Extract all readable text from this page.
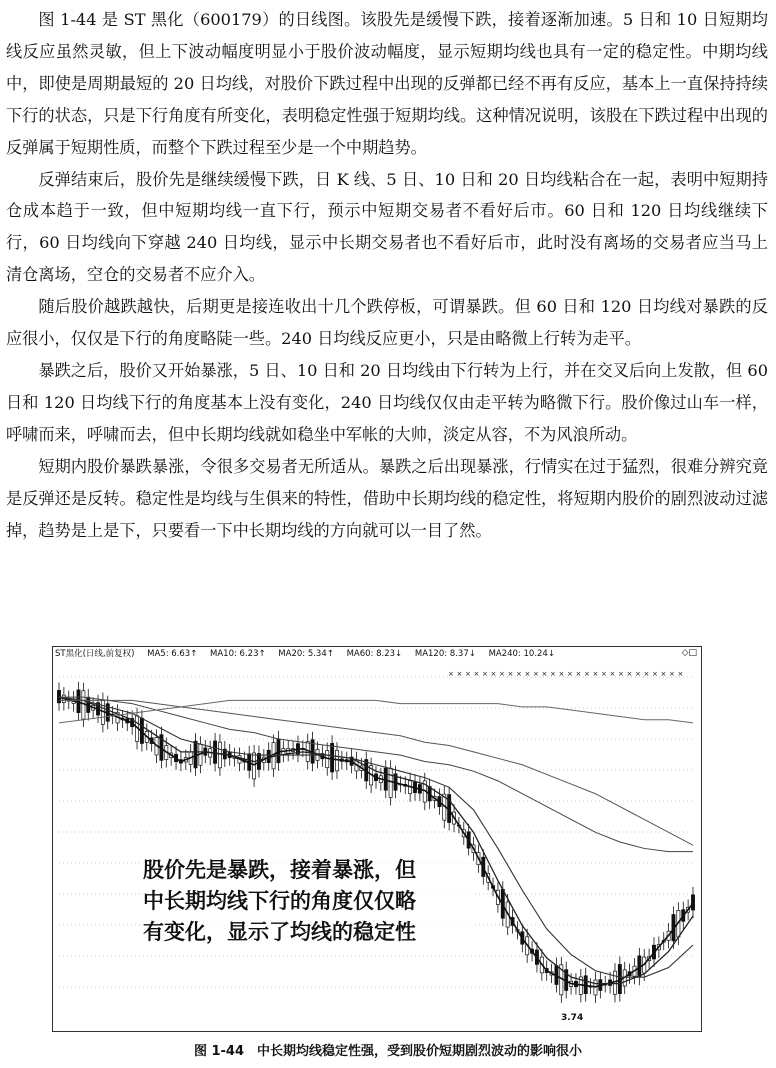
图 1-44 是 ST 黑化（600179）的日线图。该股先是缓慢下跌，接着逐渐加速。5 日和 10 日短期均线反应虽然灵敏，但上下波动幅度明显小于股价波动幅度，显示短期均线也具有一定的稳定性。中期均线中，即使是周期最短的 20 日均线，对股价下跌过程中出现的反弹都已经不再有反应，基本上一直保持持续下行的状态，只是下行角度有所变化，表明稳定性强于短期均线。这种情况说明，该股在下跌过程中出现的反弹属于短期性质，而整个下跌过程至少是一个中期趋势。

反弹结束后，股价先是继续缓慢下跌，日 K 线、5 日、10 日和 20 日均线粘合在一起，表明中短期持仓成本趋于一致，但中短期均线一直下行，预示中短期交易者不看好后市。60 日和 120 日均线继续下行，60 日均线向下穿越 240 日均线，显示中长期交易者也不看好后市，此时没有离场的交易者应当马上清仓离场，空仓的交易者不应介入。

随后股价越跌越快，后期更是接连收出十几个跌停板，可谓暴跌。但 60 日和 120 日均线对暴跌的反应很小，仅仅是下行的角度略陡一些。240 日均线反应更小，只是由略微上行转为走平。

暴跌之后，股价又开始暴涨，5 日、10 日和 20 日均线由下行转为上行，并在交叉后向上发散，但 60 日和 120 日均线下行的角度基本上没有变化，240 日均线仅仅由走平转为略微下行。股价像过山车一样，呼啸而来，呼啸而去，但中长期均线就如稳坐中军帐的大帅，淡定从容，不为风浪所动。

短期内股价暴跌暴涨，令很多交易者无所适从。暴跌之后出现暴涨，行情实在过于猛烈，很难分辨究竟是反弹还是反转。稳定性是均线与生俱来的特性，借助中长期均线的稳定性，将短期内股价的剧烈波动过滤掉，趋势是上是下，只要看一下中长期均线的方向就可以一目了然。

× × × × × × × × × × × × × × × × × × × × × × × × × × × ×
ST黑化(日线,前复权) MA5: 6.63↑ MA10: 6.23↑ MA20: 5.34↑ MA60: 8.23↓ MA120: 8.37↓ MA240: 10.24↓	◇□
股价先是暴跌，接着暴涨，但
中长期均线下行的角度仅仅略
有变化，显示了均线的稳定性
3.74
图 1-44　中长期均线稳定性强，受到股价短期剧烈波动的影响很小
